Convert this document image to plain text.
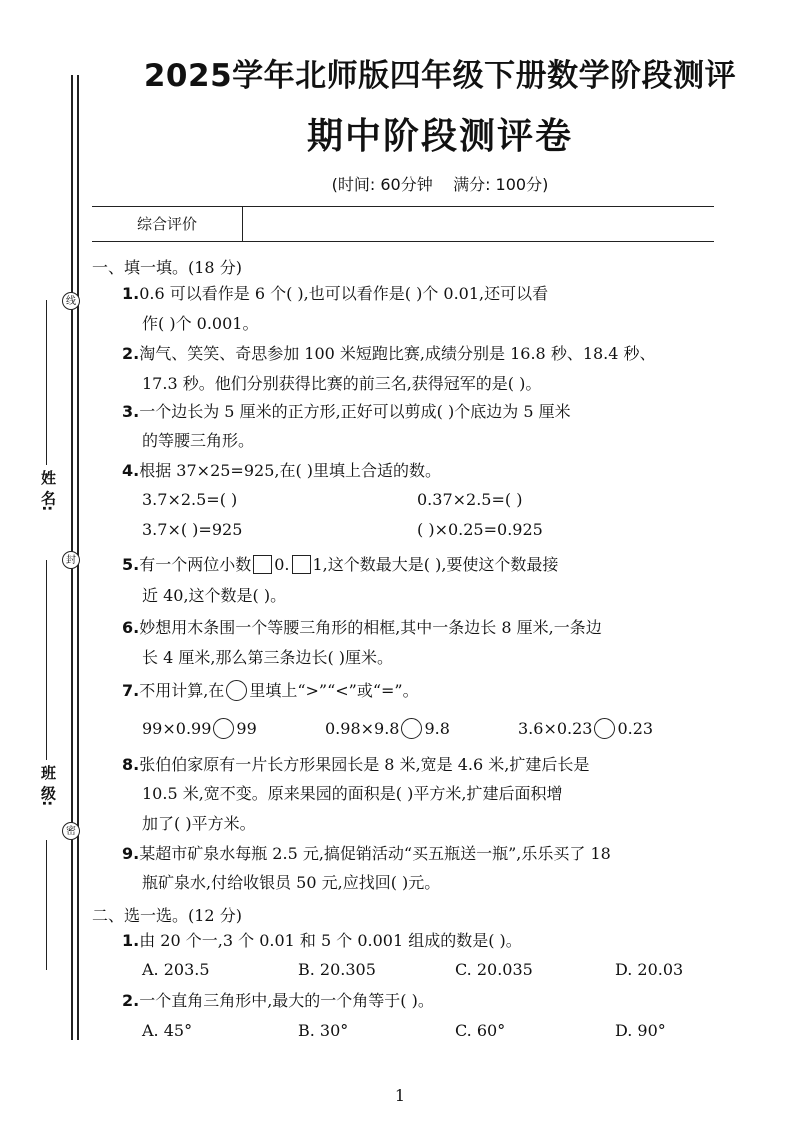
线
封
密
姓 名:
班 级:
2025学年北师版四年级下册数学阶段测评
期中阶段测评卷
(时间: 60分钟    满分: 100分)
综合评价
一、填一填。(18 分)
1.0.6 可以看作是 6 个( ),也可以看作是( )个 0.01,还可以看
作( )个 0.001。
2.淘气、笑笑、奇思参加 100 米短跑比赛,成绩分别是 16.8 秒、18.4 秒、
17.3 秒。他们分别获得比赛的前三名,获得冠军的是( )。
3.一个边长为 5 厘米的正方形,正好可以剪成( )个底边为 5 厘米
的等腰三角形。
4.根据 37×25=925,在( )里填上合适的数。
3.7×2.5=( )	0.37×2.5=( )
3.7×( )=925	( )×0.25=0.925
5.有一个两位小数 0. 1,这个数最大是( ),要使这个数最接
近 40,这个数是( )。
6.妙想用木条围一个等腰三角形的相框,其中一条边长 8 厘米,一条边
长 4 厘米,那么第三条边长( )厘米。
7.不用计算,在 里填上“>”“<”或“=”。
99×0.99 99	0.98×9.8 9.8	3.6×0.23 0.23
8.张伯伯家原有一片长方形果园长是 8 米,宽是 4.6 米,扩建后长是
10.5 米,宽不变。原来果园的面积是( )平方米,扩建后面积增
加了( )平方米。
9.某超市矿泉水每瓶 2.5 元,搞促销活动“买五瓶送一瓶”,乐乐买了 18
瓶矿泉水,付给收银员 50 元,应找回( )元。
二、选一选。(12 分)
1.由 20 个一,3 个 0.01 和 5 个 0.001 组成的数是( )。
A. 203.5	B. 20.305	C. 20.035	D. 20.03
2.一个直角三角形中,最大的一个角等于( )。
A. 45°	B. 30°	C. 60°	D. 90°
1
